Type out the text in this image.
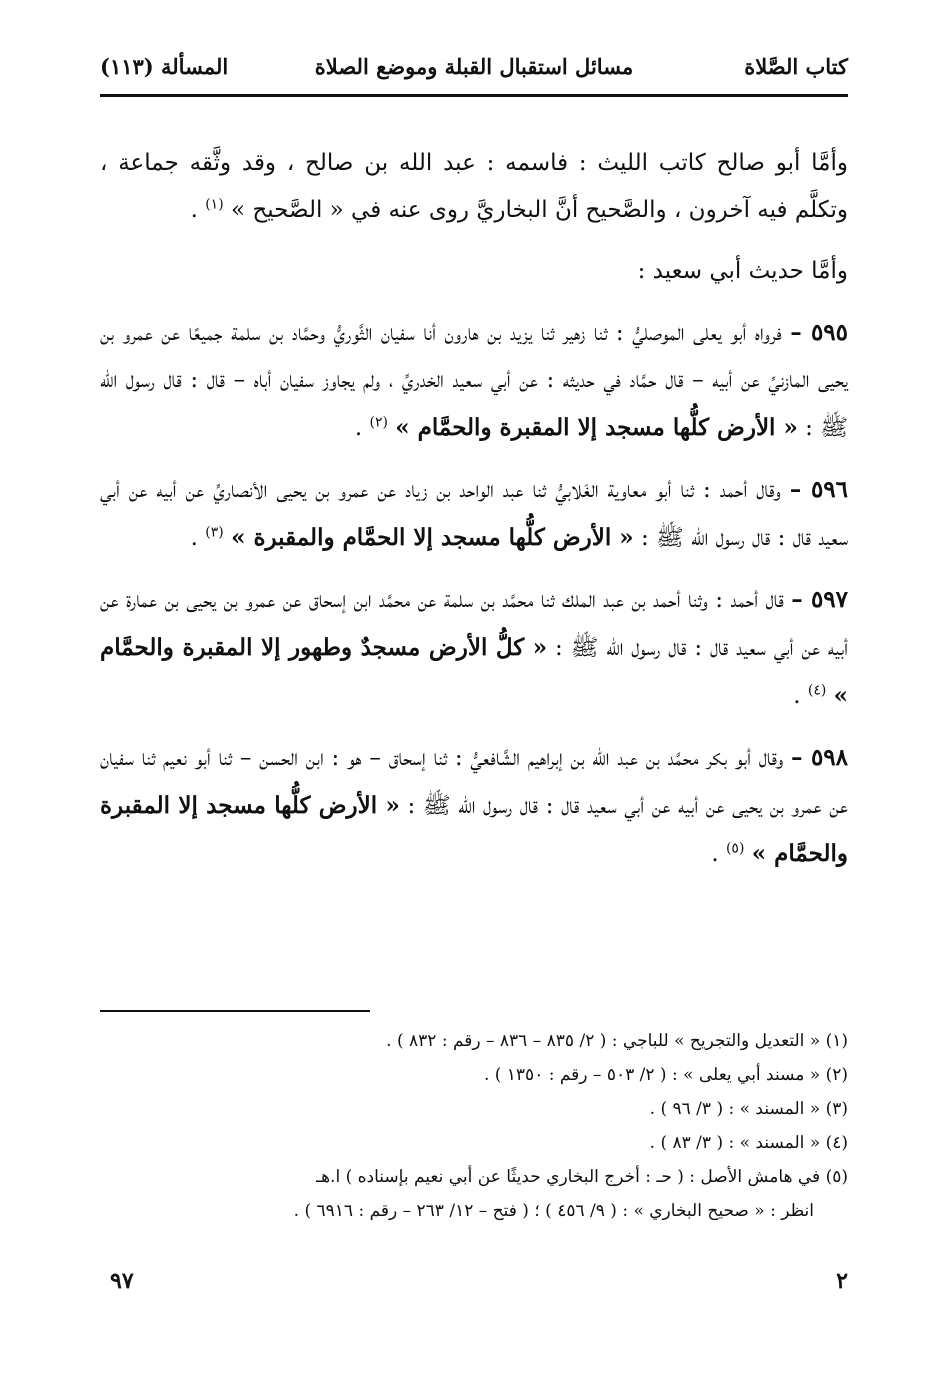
كتاب الصَّلاة
مسائل استقبال القبلة وموضع الصلاة
المسألة (١١٣)

وأمَّا أبو صالح كاتب الليث : فاسمه : عبد الله بن صالح ، وقد وثَّقه جماعة ، وتكلَّم فيه آخرون ، والصَّحيح أنَّ البخاريَّ روى عنه في « الصَّحيح » $^{(١)}$ .

وأمَّا حديث أبي سعيد :

٥٩٥ – فرواه أبو يعلى الموصليُّ : ثنا زهير ثنا يزيد بن هارون أنا سفيان الثَّوريُّ وحمَّاد بن سلمة جميعًا عن عمرو بن يحيى المازنيِّ عن أبيه – قال حمَّاد في حديثه : عن أبي سعيد الخدريِّ ، ولم يجاوز سفيان أباه – قال : قال رسول الله ﷺ : « الأرض كلُّها مسجد إلا المقبرة والحمَّام » $^{(٢)}$ .

٥٩٦ – وقال أحمد : ثنا أبو معاوية الغَلابيُّ ثنا عبد الواحد بن زياد عن عمرو بن يحيى الأنصاريِّ عن أبيه عن أبي سعيد قال : قال رسول الله ﷺ : « الأرض كلُّها مسجد إلا الحمَّام والمقبرة » $^{(٣)}$ .

٥٩٧ – قال أحمد : وثنا أحمد بن عبد الملك ثنا محمَّد بن سلمة عن محمَّد ابن إسحاق عن عمرو بن يحيى بن عمارة عن أبيه عن أبي سعيد قال : قال رسول الله ﷺ : « كلُّ الأرض مسجدٌ وطهور إلا المقبرة والحمَّام » $^{(٤)}$ .

٥٩٨ – وقال أبو بكر محمَّد بن عبد الله بن إبراهيم الشَّافعيُّ : ثنا إسحاق – هو : ابن الحسن – ثنا أبو نعيم ثنا سفيان عن عمرو بن يحيى عن أبيه عن أبي سعيد قال : قال رسول الله ﷺ : « الأرض كلُّها مسجد إلا المقبرة والحمَّام » $^{(٥)}$ .

(١) « التعديل والتجريح » للباجي : ( ٢/ ٨٣٥ – ٨٣٦ – رقم : ٨٣٢ ) .

(٢) « مسند أبي يعلى » : ( ٢/ ٥٠٣ – رقم : ١٣٥٠ ) .

(٣) « المسند » : ( ٣/ ٩٦ ) .

(٤) « المسند » : ( ٣/ ٨٣ ) .

(٥) في هامش الأصل : ( حـ : أخرج البخاري حديثًا عن أبي نعيم بإسناده ) ا.هـ

انظر : « صحيح البخاري » : ( ٩/ ٤٥٦ ) ؛ ( فتح – ١٢/ ٢٦٣ – رقم : ٦٩١٦ ) .

٢
٩٧
